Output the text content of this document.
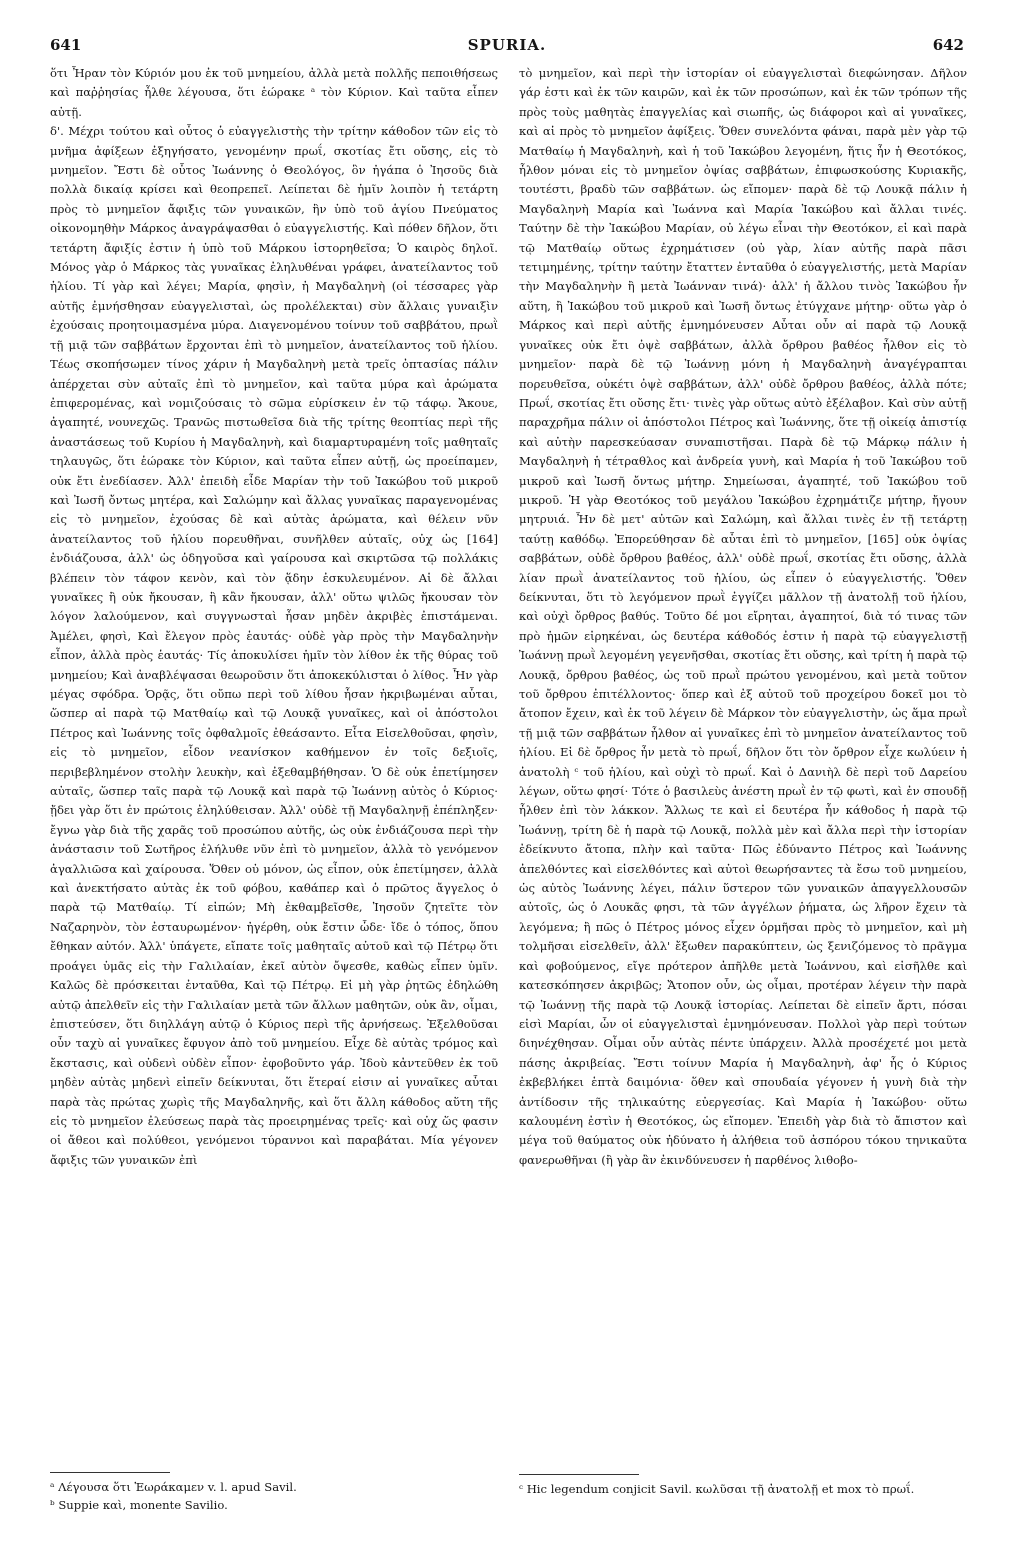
641	SPURIA.	642
ὅτι Ἦραν τὸν Κύριόν μου ἐκ τοῦ μνημείου, ἀλλὰ μετὰ πολλῆς πεποιθήσεως καὶ παῤῥησίας ἦλθε λέγουσα, ὅτι ἑώρακε ᵃ τὸν Κύριον. Καὶ ταῦτα εἶπεν αὐτῇ.
δ'. Μέχρι τούτου καὶ οὗτος ὁ εὐαγγελιστὴς τὴν τρίτην κάθοδον τῶν εἰς τὸ μνῆμα ἀφίξεων ἐξηγήσατο, γενομένην πρωΐ, σκοτίας ἔτι οὔσης, εἰς τὸ μνημεῖον. Ἔστι δὲ οὗτος Ἰωάννης ὁ Θεολόγος, ὃν ἠγάπα ὁ Ἰησοῦς διὰ πολλὰ δικαίᾳ κρίσει καὶ θεοπρεπεῖ. Λείπεται δὲ ἡμῖν λοιπὸν ἡ τετάρτη πρὸς τὸ μνημεῖον ἄφιξις τῶν γυναικῶν, ἣν ὑπὸ τοῦ ἁγίου Πνεύματος οἰκονομηθὴν Μάρκος ἀναγράψασθαι ὁ εὐαγγελιστής. Καὶ πόθεν δῆλον, ὅτι τετάρτη ἄφιξίς ἐστιν ἡ ὑπὸ τοῦ Μάρκου ἱστορηθεῖσα; Ὁ καιρὸς δηλοῖ. Μόνος γὰρ ὁ Μάρκος τὰς γυναῖκας ἐληλυθέναι γράφει, ἀνατείλαντος τοῦ ἡλίου. Τί γὰρ καὶ λέγει; Μαρία, φησὶν, ἡ Μαγδαληνὴ (οἱ τέσσαρες γὰρ αὐτῆς ἐμνήσθησαν εὐαγγελισταὶ, ὡς προλέλεκται) σὺν ἄλλαις γυναιξὶν ἐχούσαις προητοιμασμένα μύρα. Διαγενομένου τοίνυν τοῦ σαββάτου, πρωῒ τῇ μιᾷ τῶν σαββάτων ἔρχονται ἐπὶ τὸ μνημεῖον, ἀνατείλαντος τοῦ ἡλίου. Τέως σκοπήσωμεν τίνος χάριν ἡ Μαγδαληνὴ μετὰ τρεῖς ὀπτασίας πάλιν ἀπέρχεται σὺν αὐταῖς ἐπὶ τὸ μνημεῖον, καὶ ταῦτα μύρα καὶ ἀρώματα ἐπιφερομένας, καὶ νομιζούσαις τὸ σῶμα εὑρίσκειν ἐν τῷ τάφῳ. Ἄκουε, ἀγαπητέ, νουνεχῶς. Τρανῶς πιστωθεῖσα διὰ τῆς τρίτης θεοπτίας περὶ τῆς ἀναστάσεως τοῦ Κυρίου ἡ Μαγδαληνὴ, καὶ διαμαρτυραμένη τοῖς μαθηταῖς τηλαυγῶς, ὅτι ἑώρακε τὸν Κύριον, καὶ ταῦτα εἶπεν αὐτῇ, ὡς προείπαμεν, οὐκ ἔτι ἐνεδίασεν. Ἀλλ' ἐπειδὴ εἶδε Μαρίαν τὴν τοῦ Ἰακώβου τοῦ μικροῦ καὶ Ἰωσῆ ὄντως μητέρα, καὶ Σαλώμην καὶ ἄλλας γυναῖκας παραγενομένας εἰς τὸ μνημεῖον, ἐχούσας δὲ καὶ αὐτὰς ἀρώματα, καὶ θέλειν νῦν ἀνατείλαντος τοῦ ἡλίου πορευθῆναι, συνῆλθεν αὐταῖς, οὐχ ὡς [164] ἐνδιάζουσα, ἀλλ' ὡς ὁδηγοῦσα καὶ γαίρουσα καὶ σκιρτῶσα τῷ πολλάκις βλέπειν τὸν τάφον κενὸν, καὶ τὸν ᾅδην ἐσκυλευμένον. Αἱ δὲ ἄλλαι γυναῖκες ἢ οὐκ ἤκουσαν, ἢ κἂν ἤκουσαν, ἀλλ' οὕτω ψιλῶς ἤκουσαν τὸν λόγον λαλούμενον, καὶ συγγνωσταὶ ἦσαν μηδὲν ἀκριβὲς ἐπιστάμεναι. Ἀμέλει, φησὶ, Καὶ ἔλεγον πρὸς ἑαυτάς· οὐδὲ γὰρ πρὸς τὴν Μαγδαληνὴν εἶπον, ἀλλὰ πρὸς ἑαυτάς· Τίς ἀποκυλίσει ἡμῖν τὸν λίθον ἐκ τῆς θύρας τοῦ μνημείου; Καὶ ἀναβλέψασαι θεωροῦσιν ὅτι ἀποκεκύλισται ὁ λίθος. Ἦν γὰρ μέγας σφόδρα. Ὁρᾷς, ὅτι οὔπω περὶ τοῦ λίθου ἦσαν ἠκριβωμέναι αὗται, ὥσπερ αἱ παρὰ τῷ Ματθαίῳ καὶ τῷ Λουκᾷ γυναῖκες, καὶ οἱ ἀπόστολοι Πέτρος καὶ Ἰωάννης τοῖς ὀφθαλμοῖς ἐθεάσαντο. Εἶτα Εἰσελθοῦσαι, φησὶν, εἰς τὸ μνημεῖον, εἶδον νεανίσκον καθήμενον ἐν τοῖς δεξιοῖς, περιβεβλημένον στολὴν λευκὴν, καὶ ἐξεθαμβήθησαν. Ὁ δὲ οὐκ ἐπετίμησεν αὐταῖς, ὥσπερ ταῖς παρὰ τῷ Λουκᾷ καὶ παρὰ τῷ Ἰωάννῃ αὐτὸς ὁ Κύριος· ᾔδει γὰρ ὅτι ἐν πρώτοις ἐληλύθεισαν. Ἀλλ' οὐδὲ τῇ Μαγδαληνῇ ἐπέπληξεν· ἔγνω γὰρ διὰ τῆς χαρᾶς τοῦ προσώπου αὐτῆς, ὡς οὐκ ἐνδιάζουσα περὶ τὴν ἀνάστασιν τοῦ Σωτῆρος ἐλήλυθε νῦν ἐπὶ τὸ μνημεῖον, ἀλλὰ τὸ γενόμενον ἀγαλλιῶσα καὶ χαίρουσα. Ὅθεν οὐ μόνον, ὡς εἶπον, οὐκ ἐπετίμησεν, ἀλλὰ καὶ ἀνεκτήσατο αὐτὰς ἐκ τοῦ φόβου, καθάπερ καὶ ὁ πρῶτος ἄγγελος ὁ παρὰ τῷ Ματθαίῳ. Τί εἰπών; Μὴ ἐκθαμβεῖσθε, Ἰησοῦν ζητεῖτε τὸν Ναζαρηνὸν, τὸν ἐσταυρωμένον· ἠγέρθη, οὐκ ἔστιν ὧδε· ἴδε ὁ τόπος, ὅπου ἔθηκαν αὐτόν. Ἀλλ' ὑπάγετε, εἴπατε τοῖς μαθηταῖς αὐτοῦ καὶ τῷ Πέτρῳ ὅτι προάγει ὑμᾶς εἰς τὴν Γαλιλαίαν, ἐκεῖ αὐτὸν ὄψεσθε, καθὼς εἶπεν ὑμῖν. Καλῶς δὲ πρόσκειται ἐνταῦθα, Καὶ τῷ Πέτρῳ. Εἰ μὴ γὰρ ῥητῶς ἐδηλώθη αὐτῷ ἀπελθεῖν εἰς τὴν Γαλιλαίαν μετὰ τῶν ἄλλων μαθητῶν, οὐκ ἂν, οἶμαι, ἐπιστεύσεν, ὅτι διηλλάγη αὐτῷ ὁ Κύριος περὶ τῆς ἀρνήσεως. Ἐξελθοῦσαι οὖν ταχὺ αἱ γυναῖκες ἔφυγον ἀπὸ τοῦ μνημείου. Εἶχε δὲ αὐτὰς τρόμος καὶ ἔκστασις, καὶ οὐδενὶ οὐδὲν εἶπον· ἐφοβοῦντο γάρ. Ἰδοὺ κἀντεῦθεν ἐκ τοῦ μηδὲν αὐτὰς μηδενὶ εἰπεῖν δείκνυται, ὅτι ἕτεραί εἰσιν αἱ γυναῖκες αὗται παρὰ τὰς πρώτας χωρὶς τῆς Μαγδαληνῆς, καὶ ὅτι ἄλλη κάθοδος αὕτη τῆς εἰς τὸ μνημεῖον ἐλεύσεως παρὰ τὰς προειρημένας τρεῖς· καὶ οὐχ ὥς φασιν οἱ ἄθεοι καὶ πολύθεοι, γενόμενοι τύραννοι καὶ παραβάται. Μία γέγονεν ἄφιξις τῶν γυναικῶν ἐπὶ
τὸ μνημεῖον, καὶ περὶ τὴν ἱστορίαν οἱ εὐαγγελισταὶ διεφώνησαν. Δῆλον γάρ ἐστι καὶ ἐκ τῶν καιρῶν, καὶ ἐκ τῶν προσώπων, καὶ ἐκ τῶν τρόπων τῆς πρὸς τοὺς μαθητὰς ἐπαγγελίας καὶ σιωπῆς, ὡς διάφοροι καὶ αἱ γυναῖκες, καὶ αἱ πρὸς τὸ μνημεῖον ἀφίξεις. Ὅθεν συνελόντα φάναι, παρὰ μὲν γὰρ τῷ Ματθαίῳ ἡ Μαγδαληνὴ, καὶ ἡ τοῦ Ἰακώβου λεγομένη, ἥτις ἦν ἡ Θεοτόκος, ἦλθον μόναι εἰς τὸ μνημεῖον ὀψίας σαββάτων, ἐπιφωσκούσης Κυριακῆς, τουτέστι, βραδὺ τῶν σαββάτων. ὡς εἴπομεν· παρὰ δὲ τῷ Λουκᾷ πάλιν ἡ Μαγδαληνὴ Μαρία καὶ Ἰωάννα καὶ Μαρία Ἰακώβου καὶ ἄλλαι τινές. Ταύτην δὲ τὴν Ἰακώβου Μαρίαν, οὐ λέγω εἶναι τὴν Θεοτόκον, εἰ καὶ παρὰ τῷ Ματθαίῳ οὕτως ἐχρημάτισεν (οὐ γὰρ, λίαν αὐτῆς παρὰ πᾶσι τετιμημένης, τρίτην ταύτην ἔταττεν ἐνταῦθα ὁ εὐαγγελιστής, μετὰ Μαρίαν τὴν Μαγδαληνὴν ἢ μετὰ Ἰωάνναν τινά)· ἀλλ' ἡ ἄλλου τινὸς Ἰακώβου ἦν αὕτη, ἢ Ἰακώβου τοῦ μικροῦ καὶ Ἰωσῆ ὄντως ἐτύγχανε μήτηρ· οὕτω γὰρ ὁ Μάρκος καὶ περὶ αὐτῆς ἐμνημόνευσεν Αὗται οὖν αἱ παρὰ τῷ Λουκᾷ γυναῖκες οὐκ ἔτι ὀψὲ σαββάτων, ἀλλὰ ὄρθρου βαθέος ἦλθον εἰς τὸ μνημεῖον· παρὰ δὲ τῷ Ἰωάννῃ μόνη ἡ Μαγδαληνὴ ἀναγέγραπται πορευθεῖσα, οὐκέτι ὀψὲ σαββάτων, ἀλλ' οὐδὲ ὄρθρου βαθέος, ἀλλὰ πότε; Πρωΐ, σκοτίας ἔτι οὔσης ἔτι· τινὲς γὰρ οὕτως αὐτὸ ἐξέλαβον. Καὶ σὺν αὐτῇ παραχρῆμα πάλιν οἱ ἀπόστολοι Πέτρος καὶ Ἰωάννης, ὅτε τῇ οἰκείᾳ ἀπιστίᾳ καὶ αὐτὴν παρεσκεύασαν συναπιστῆσαι. Παρὰ δὲ τῷ Μάρκῳ πάλιν ἡ Μαγδαληνὴ ἡ τέτραθλος καὶ ἀνδρεία γυνὴ, καὶ Μαρία ἡ τοῦ Ἰακώβου τοῦ μικροῦ καὶ Ἰωσῆ ὄντως μήτηρ. Σημείωσαι, ἀγαπητέ, τοῦ Ἰακώβου τοῦ μικροῦ. Ἡ γὰρ Θεοτόκος τοῦ μεγάλου Ἰακώβου ἐχρημάτιζε μήτηρ, ἤγουν μητρυιά. Ἦν δὲ μετ' αὐτῶν καὶ Σαλώμη, καὶ ἄλλαι τινὲς ἐν τῇ τετάρτῃ ταύτῃ καθόδῳ. Ἐπορεύθησαν δὲ αὗται ἐπὶ τὸ μνημεῖον, [165] οὐκ ὀψίας σαββάτων, οὐδὲ ὄρθρου βαθέος, ἀλλ' οὐδὲ πρωΐ, σκοτίας ἔτι οὔσης, ἀλλὰ λίαν πρωῒ ἀνατείλαντος τοῦ ἡλίου, ὡς εἶπεν ὁ εὐαγγελιστής. Ὅθεν δείκνυται, ὅτι τὸ λεγόμενον πρωῒ ἐγγίζει μᾶλλον τῇ ἀνατολῇ τοῦ ἡλίου, καὶ οὐχὶ ὄρθρος βαθύς. Τοῦτο δέ μοι εἴρηται, ἀγαπητοί, διὰ τό τινας τῶν πρὸ ἡμῶν εἰρηκέναι, ὡς δευτέρα κάθοδός ἐστιν ἡ παρὰ τῷ εὐαγγελιστῇ Ἰωάννῃ πρωῒ λεγομένη γεγενῆσθαι, σκοτίας ἔτι οὔσης, καὶ τρίτη ἡ παρὰ τῷ Λουκᾷ, ὄρθρου βαθέος, ὡς τοῦ πρωῒ πρώτου γενομένου, καὶ μετὰ τοῦτον τοῦ ὄρθρου ἐπιτέλλοντος· ὅπερ καὶ ἐξ αὐτοῦ τοῦ προχείρου δοκεῖ μοι τὸ ἄτοπον ἔχειν, καὶ ἐκ τοῦ λέγειν δὲ Μάρκον τὸν εὐαγγελιστὴν, ὡς ἅμα πρωῒ τῇ μιᾷ τῶν σαββάτων ἦλθον αἱ γυναῖκες ἐπὶ τὸ μνημεῖον ἀνατείλαντος τοῦ ἡλίου. Εἰ δὲ ὄρθρος ἦν μετὰ τὸ πρωΐ, δῆλον ὅτι τὸν ὄρθρον εἶχε κωλύειν ἡ ἀνατολὴ ᶜ τοῦ ἡλίου, καὶ οὐχὶ τὸ πρωΐ. Καὶ ὁ Δανιὴλ δὲ περὶ τοῦ Δαρείου λέγων, οὕτω φησί· Τότε ὁ βασιλεὺς ἀνέστη πρωῒ ἐν τῷ φωτὶ, καὶ ἐν σπουδῇ ἦλθεν ἐπὶ τὸν λάκκον. Ἄλλως τε καὶ εἰ δευτέρα ἦν κάθοδος ἡ παρὰ τῷ Ἰωάννῃ, τρίτη δὲ ἡ παρὰ τῷ Λουκᾷ, πολλὰ μὲν καὶ ἄλλα περὶ τὴν ἱστορίαν ἐδείκνυτο ἄτοπα, πλὴν καὶ ταῦτα· Πῶς ἐδύναντο Πέτρος καὶ Ἰωάννης ἀπελθόντες καὶ εἰσελθόντες καὶ αὐτοὶ θεωρήσαντες τὰ ἔσω τοῦ μνημείου, ὡς αὐτὸς Ἰωάννης λέγει, πάλιν ὕστερον τῶν γυναικῶν ἀπαγγελλουσῶν αὐτοῖς, ὡς ὁ Λουκᾶς φησι, τὰ τῶν ἀγγέλων ῥήματα, ὡς λῆρον ἔχειν τὰ λεγόμενα; ἢ πῶς ὁ Πέτρος μόνος εἶχεν ὁρμῆσαι πρὸς τὸ μνημεῖον, καὶ μὴ τολμῆσαι εἰσελθεῖν, ἀλλ' ἔξωθεν παρακύπτειν, ὡς ξενιζόμενος τὸ πρᾶγμα καὶ φοβούμενος, εἴγε πρότερον ἀπῆλθε μετὰ Ἰωάννου, καὶ εἰσῆλθε καὶ κατεσκόπησεν ἀκριβῶς; Ἄτοπον οὖν, ὡς οἶμαι, προτέραν λέγειν τὴν παρὰ τῷ Ἰωάννῃ τῆς παρὰ τῷ Λουκᾷ ἱστορίας. Λείπεται δὲ εἰπεῖν ἄρτι, πόσαι εἰσὶ Μαρίαι, ὧν οἱ εὐαγγελισταὶ ἐμνημόνευσαν. Πολλοὶ γὰρ περὶ τούτων διηνέχθησαν. Οἶμαι οὖν αὐτὰς πέντε ὑπάρχειν. Ἀλλὰ προσέχετέ μοι μετὰ πάσης ἀκριβείας. Ἔστι τοίνυν Μαρία ἡ Μαγδαληνὴ, ἀφ' ἧς ὁ Κύριος ἐκβεβλήκει ἑπτὰ δαιμόνια· ὅθεν καὶ σπουδαία γέγονεν ἡ γυνὴ διὰ τὴν ἀντίδοσιν τῆς τηλικαύτης εὐεργεσίας. Καὶ Μαρία ἡ Ἰακώβου· οὕτω καλουμένη ἐστὶν ἡ Θεοτόκος, ὡς εἴπομεν. Ἐπειδὴ γὰρ διὰ τὸ ἄπιστον καὶ μέγα τοῦ θαύματος οὐκ ἠδύνατο ἡ ἀλήθεια τοῦ ἀσπόρου τόκου τηνικαῦτα φανερωθῆναι (ἢ γὰρ ἂν ἐκινδύνευσεν ἡ παρθένος λιθοβο-

ᵃ Λέγουσα ὅτι Ἑωράκαμεν v. l. apud Savil.

ᵇ Suppie καὶ, monente Savilio.

ᶜ Hic legendum conjicit Savil. κωλῦσαι τῇ ἀνατολῇ et mox τὸ πρωΐ.
